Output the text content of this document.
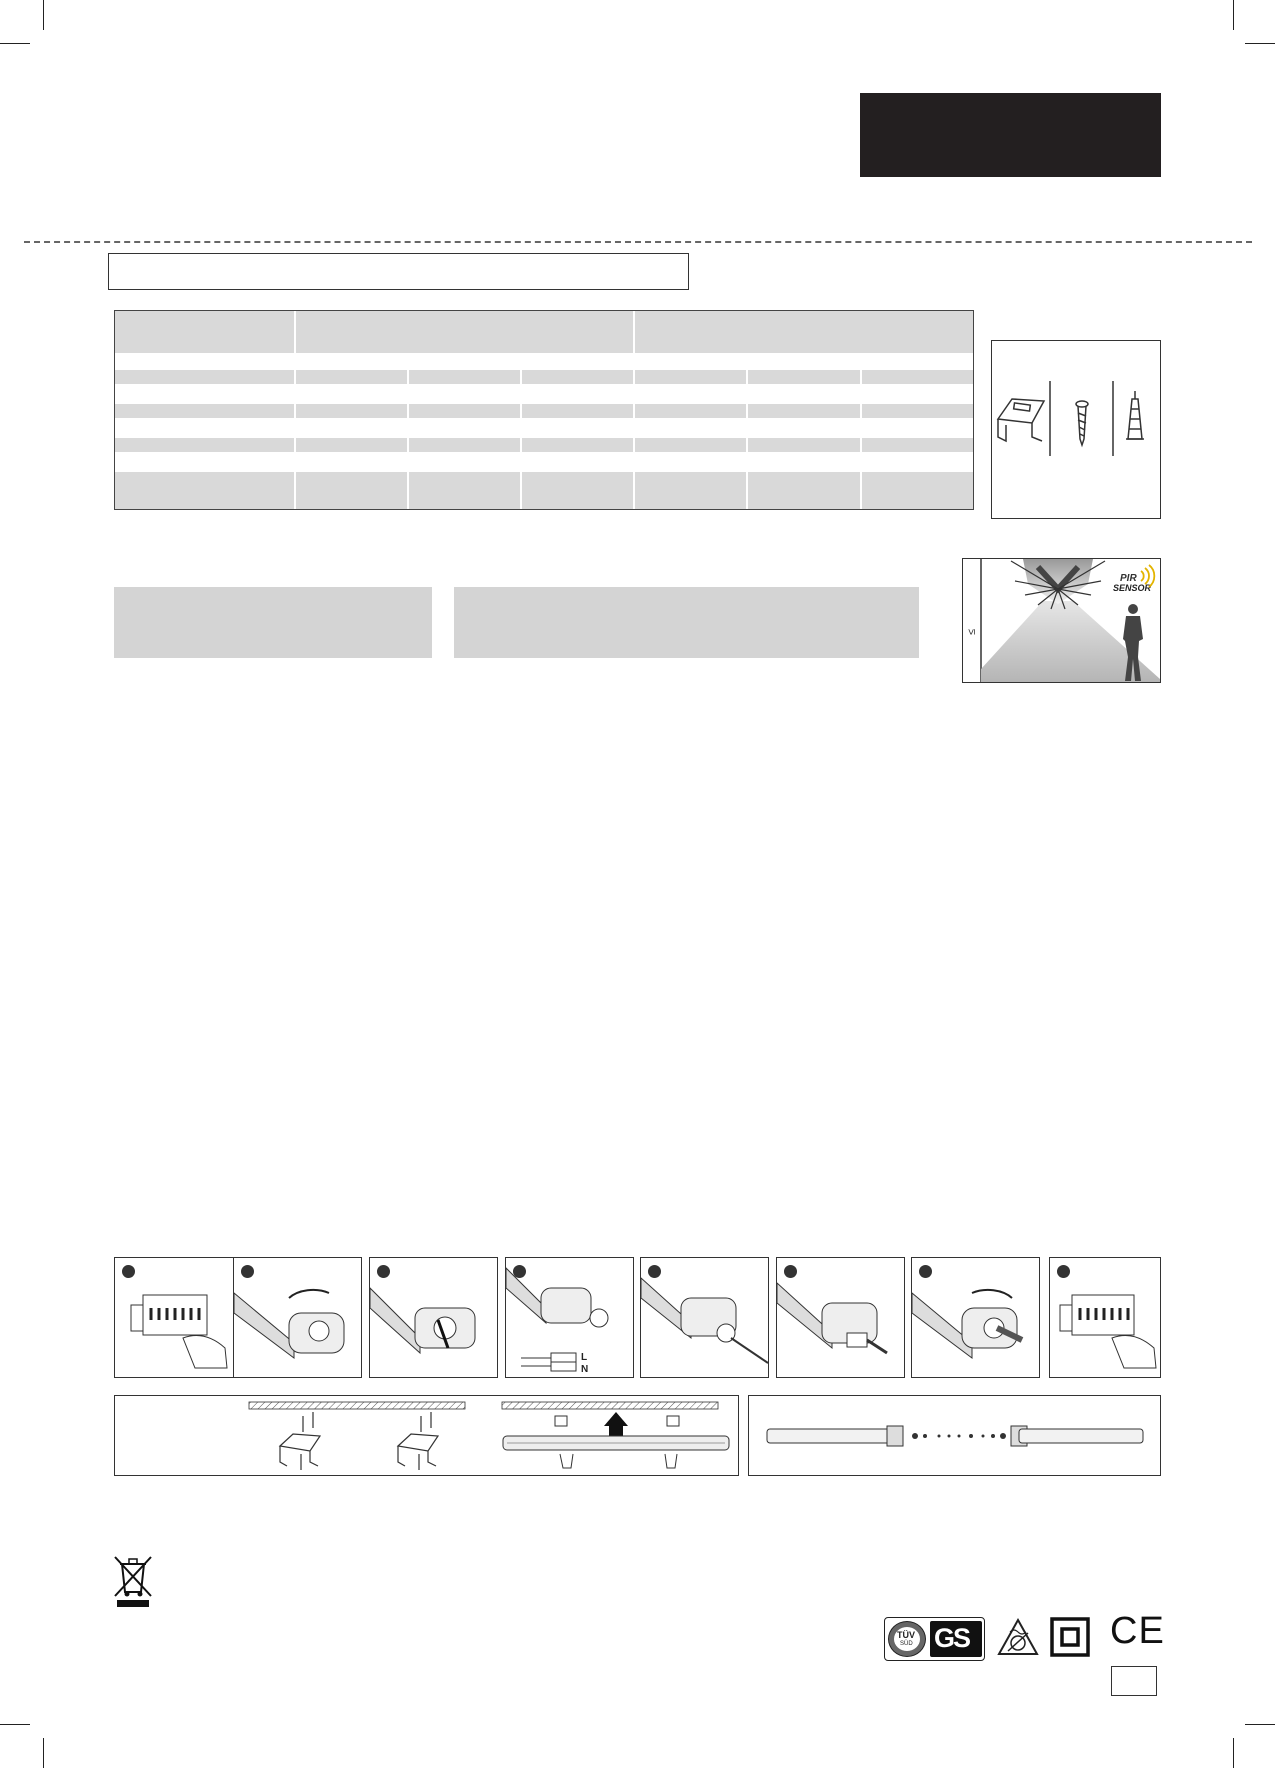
≤
PIR
SENSOR
L
N
TÜV
SÜD GS	CE
